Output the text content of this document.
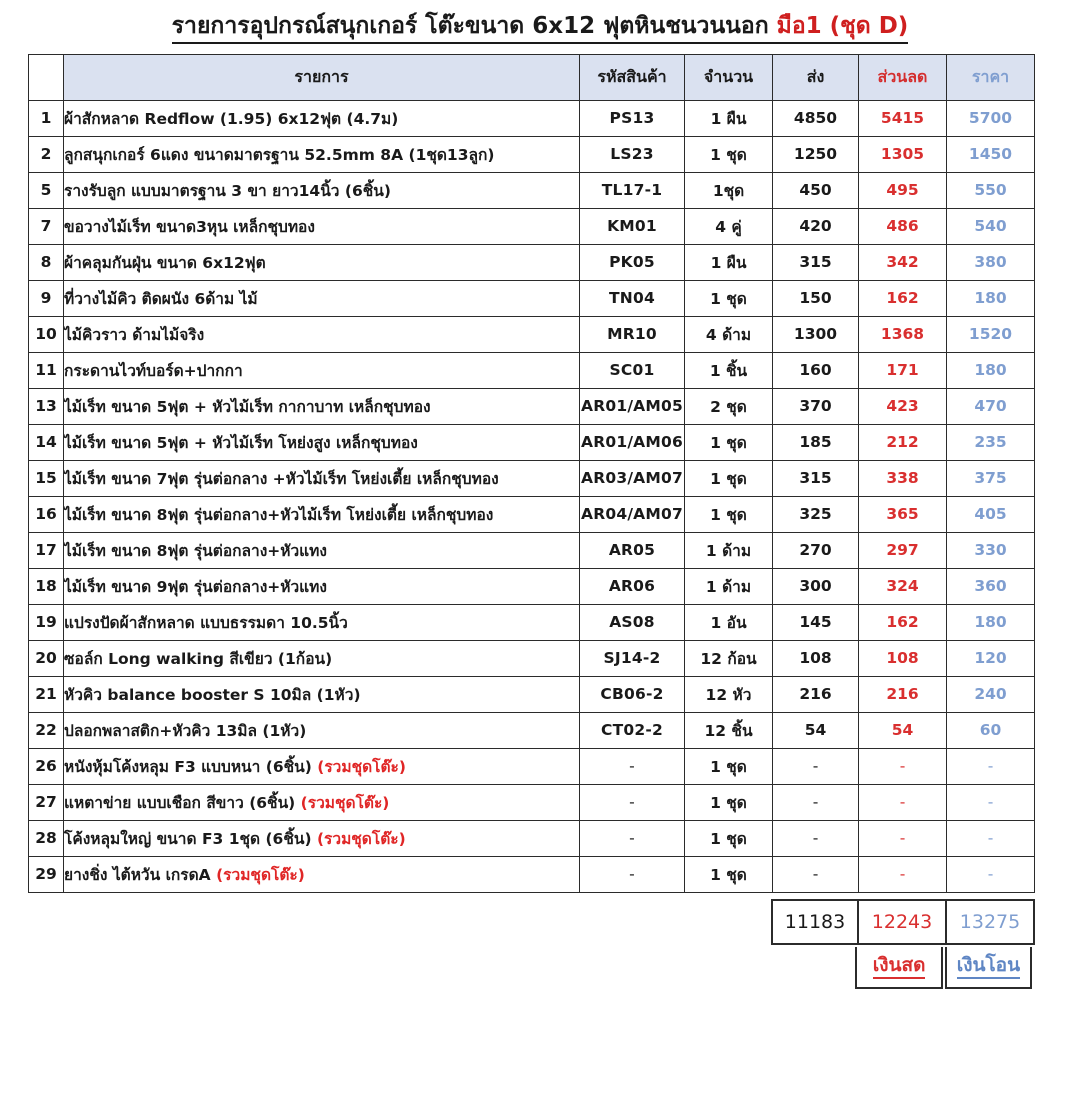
รายการอุปกรณ์สนุกเกอร์ โต๊ะขนาด 6x12 ฟุตหินชนวนนอก มือ1 (ชุด D)
	รายการ	รหัสสินค้า	จำนวน	ส่ง	ส่วนลด	ราคา
1	ผ้าสักหลาด Redflow (1.95) 6x12ฟุต (4.7ม)	PS13	1 ผืน	4850	5415	5700
2	ลูกสนุกเกอร์ 6แดง ขนาดมาตรฐาน 52.5mm 8A (1ชุด13ลูก)	LS23	1 ชุด	1250	1305	1450
5	รางรับลูก แบบมาตรฐาน 3 ขา ยาว14นิ้ว (6ชิ้น)	TL17-1	1ชุด	450	495	550
7	ขอวางไม้เร็ท ขนาด3หุน เหล็กชุบทอง	KM01	4 คู่	420	486	540
8	ผ้าคลุมกันฝุ่น ขนาด 6x12ฟุต	PK05	1 ผืน	315	342	380
9	ที่วางไม้คิว ติดผนัง 6ด้าม ไม้	TN04	1 ชุด	150	162	180
10	ไม้คิวราว ด้ามไม้จริง	MR10	4 ด้าม	1300	1368	1520
11	กระดานไวท์บอร์ด+ปากกา	SC01	1 ชิ้น	160	171	180
13	ไม้เร็ท ขนาด 5ฟุต + หัวไม้เร็ท กากาบาท เหล็กชุบทอง	AR01/AM05	2 ชุด	370	423	470
14	ไม้เร็ท ขนาด 5ฟุต + หัวไม้เร็ท โหย่งสูง เหล็กชุบทอง	AR01/AM06	1 ชุด	185	212	235
15	ไม้เร็ท ขนาด 7ฟุต รุ่นต่อกลาง +หัวไม้เร็ท โหย่งเตี้ย เหล็กชุบทอง	AR03/AM07	1 ชุด	315	338	375
16	ไม้เร็ท ขนาด 8ฟุต รุ่นต่อกลาง+หัวไม้เร็ท โหย่งเตี้ย เหล็กชุบทอง	AR04/AM07	1 ชุด	325	365	405
17	ไม้เร็ท ขนาด 8ฟุต รุ่นต่อกลาง+หัวแทง	AR05	1 ด้าม	270	297	330
18	ไม้เร็ท ขนาด 9ฟุต รุ่นต่อกลาง+หัวแทง	AR06	1 ด้าม	300	324	360
19	แปรงปัดผ้าสักหลาด แบบธรรมดา 10.5นิ้ว	AS08	1 อัน	145	162	180
20	ซอล์ก Long walking สีเขียว (1ก้อน)	SJ14-2	12 ก้อน	108	108	120
21	หัวคิว balance booster S 10มิล (1หัว)	CB06-2	12 หัว	216	216	240
22	ปลอกพลาสติก+หัวคิว 13มิล (1หัว)	CT02-2	12 ชิ้น	54	54	60
26	หนังหุ้มโค้งหลุม F3 แบบหนา (6ชิ้น) (รวมชุดโต๊ะ)	-	1 ชุด	-	-	-
27	แหตาข่าย แบบเชือก สีขาว (6ชิ้น) (รวมชุดโต๊ะ)	-	1 ชุด	-	-	-
28	โค้งหลุมใหญ่ ขนาด F3 1ชุด (6ชิ้น) (รวมชุดโต๊ะ)	-	1 ชุด	-	-	-
29	ยางชิ่ง ไต้หวัน เกรดA (รวมชุดโต๊ะ)	-	1 ชุด	-	-	-
				11183	12243	13275
					เงินสด	เงินโอน
